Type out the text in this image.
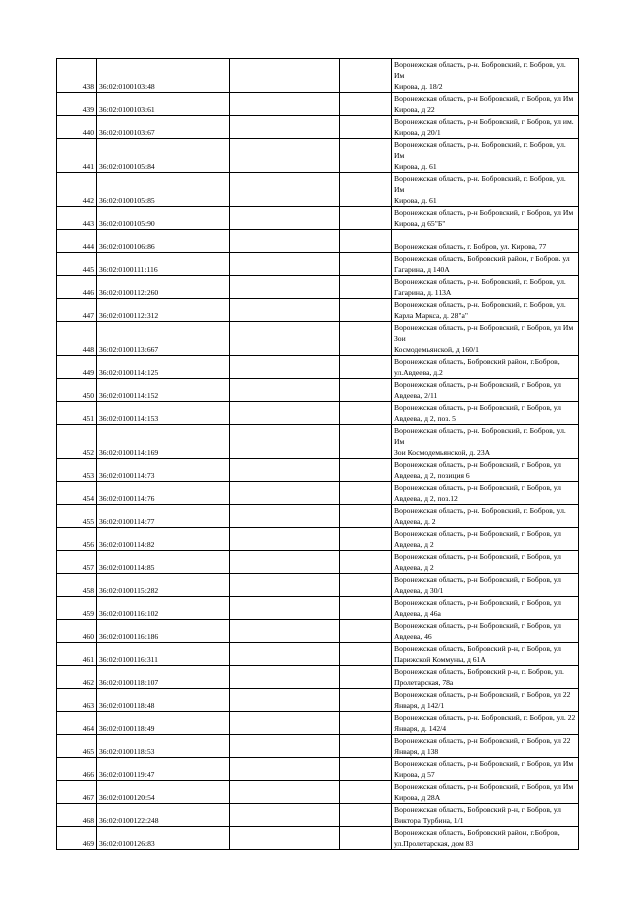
438	36:02:0100103:48			Воронежская область, р-н. Бобровский, г. Бобров, ул. Им
Кирова, д. 18/2
439	36:02:0100103:61			Воронежская область, р-н Бобровский, г Бобров, ул Им
Кирова, д 22
440	36:02:0100103:67			Воронежская область, р-н Бобровский, г Бобров, ул им.
Кирова, д 20/1
441	36:02:0100105:84			Воронежская область, р-н. Бобровский, г. Бобров, ул. Им
Кирова, д. 61
442	36:02:0100105:85			Воронежская область, р-н. Бобровский, г. Бобров, ул. Им
Кирова, д. 61
443	36:02:0100105:90			Воронежская область, р-н Бобровский, г Бобров, ул Им
Кирова, д 65"Б"
444	36:02:0100106:86			Воронежская область, г. Бобров, ул. Кирова, 77
445	36:02:0100111:116			Воронежская область, Бобровский район, г Бобров. ул
Гагарина, д 140А
446	36:02:0100112:260			Воронежская область, р-н. Бобровский, г. Бобров, ул.
Гагарина, д. 113А
447	36:02:0100112:312			Воронежская область, р-н. Бобровский, г. Бобров, ул.
Карла Маркса, д. 28"а"
448	36:02:0100113:667			Воронежская область, р-н Бобровский, г Бобров, ул Им Зои
Космодемьянской, д 160/1
449	36:02:0100114:125			Воронежская область, Бобровский район, г.Бобров,
ул.Авдеева, д.2
450	36:02:0100114:152			Воронежская область, р-н Бобровский, г Бобров, ул
Авдеева, 2/11
451	36:02:0100114:153			Воронежская область, р-н Бобровский, г Бобров, ул
Авдеева, д 2, поз. 5
452	36:02:0100114:169			Воронежская область, р-н. Бобровский, г. Бобров, ул. Им
Зои Космодемьянской, д. 23А
453	36:02:0100114:73			Воронежская область, р-н Бобровский, г Бобров, ул
Авдеева, д 2, позиция 6
454	36:02:0100114:76			Воронежская область, р-н Бобровский, г Бобров, ул
Авдеева, д 2, поз.12
455	36:02:0100114:77			Воронежская область, р-н. Бобровский, г. Бобров, ул.
Авдеева, д. 2
456	36:02:0100114:82			Воронежская область, р-н Бобровский, г Бобров, ул
Авдеева, д 2
457	36:02:0100114:85			Воронежская область, р-н Бобровский, г Бобров, ул
Авдеева, д 2
458	36:02:0100115:282			Воронежская область, р-н Бобровский, г Бобров, ул
Авдеева, д 30/1
459	36:02:0100116:102			Воронежская область, р-н Бобровский, г Бобров, ул
Авдеева, д 46а
460	36:02:0100116:186			Воронежская область, р-н Бобровский, г Бобров, ул
Авдеева, 46
461	36:02:0100116:311			Воронежская область, Бобровский р-н, г Бобров, ул
Парижской Коммуны, д 61А
462	36:02:0100118:107			Воронежская область, Бобровский р-н, г. Бобров, ул.
Пролетарская, 78а
463	36:02:0100118:48			Воронежская область, р-н Бобровский, г Бобров, ул 22
Января, д 142/1
464	36:02:0100118:49			Воронежская область, р-н. Бобровский, г. Бобров, ул. 22
Января, д. 142/4
465	36:02:0100118:53			Воронежская область, р-н Бобровский, г Бобров, ул 22
Января, д 138
466	36:02:0100119:47			Воронежская область, р-н Бобровский, г Бобров, ул Им
Кирова, д 57
467	36:02:0100120:54			Воронежская область, р-н Бобровский, г Бобров, ул Им
Кирова, д 28А
468	36:02:0100122:248			Воронежская область, Бобровский р-н, г Бобров, ул
Виктора Турбина, 1/1
469	36:02:0100126:83			Воронежская область, Бобровский район, г.Бобров,
ул.Пролетарская, дом 83
